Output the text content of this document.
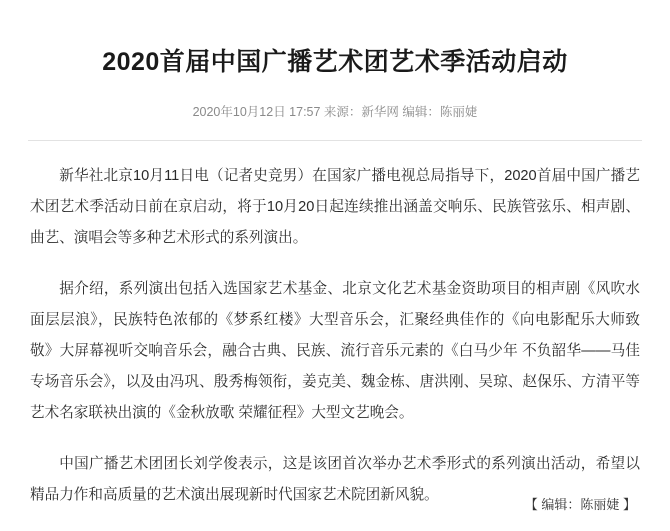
2020首届中国广播艺术团艺术季活动启动
2020年10月12日 17:57 来源：新华网 编辑：陈丽婕

新华社北京10月11日电（记者史竞男）在国家广播电视总局指导下，2020首届中国广播艺术团艺术季活动日前在京启动，将于10月20日起连续推出涵盖交响乐、民族管弦乐、相声剧、曲艺、演唱会等多种艺术形式的系列演出。

据介绍，系列演出包括入选国家艺术基金、北京文化艺术基金资助项目的相声剧《风吹水面层层浪》，民族特色浓郁的《梦系红楼》大型音乐会，汇聚经典佳作的《向电影配乐大师致敬》大屏幕视听交响音乐会，融合古典、民族、流行音乐元素的《白马少年 不负韶华——马佳专场音乐会》，以及由冯巩、殷秀梅领衔，姜克美、魏金栋、唐洪刚、吴琼、赵保乐、方清平等艺术名家联袂出演的《金秋放歌 荣耀征程》大型文艺晚会。

中国广播艺术团团长刘学俊表示，这是该团首次举办艺术季形式的系列演出活动，希望以精品力作和高质量的艺术演出展现新时代国家艺术院团新风貌。

【 编辑：陈丽婕 】
